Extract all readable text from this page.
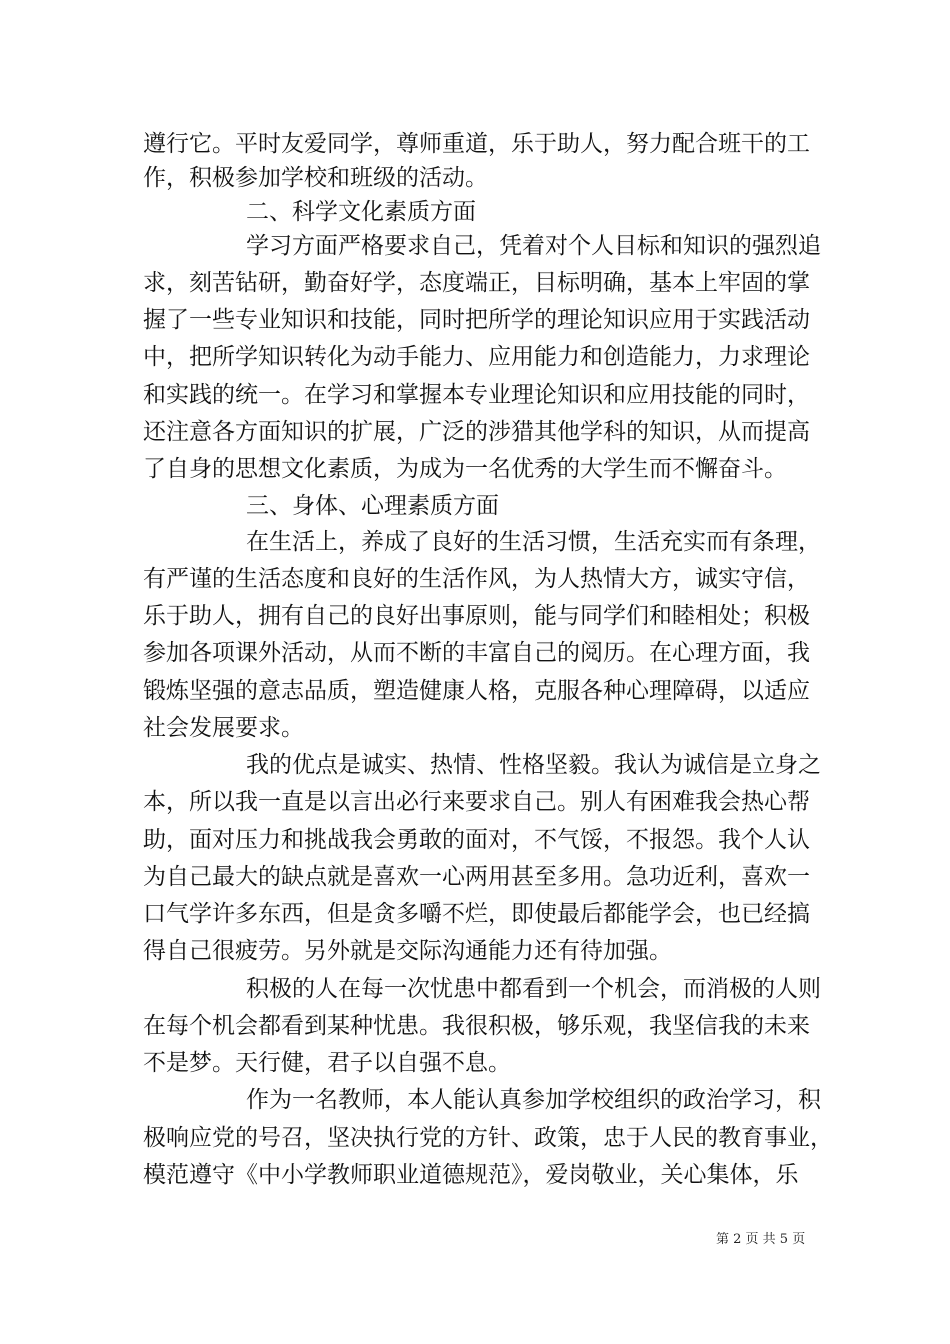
遵行它。平时友爱同学，尊师重道，乐于助人，努力配合班干的工
作，积极参加学校和班级的活动。
二、科学文化素质方面
学习方面严格要求自己，凭着对个人目标和知识的强烈追
求，刻苦钻研，勤奋好学，态度端正，目标明确，基本上牢固的掌
握了一些专业知识和技能，同时把所学的理论知识应用于实践活动
中，把所学知识转化为动手能力、应用能力和创造能力，力求理论
和实践的统一。在学习和掌握本专业理论知识和应用技能的同时，
还注意各方面知识的扩展，广泛的涉猎其他学科的知识，从而提高
了自身的思想文化素质，为成为一名优秀的大学生而不懈奋斗。
三、身体、心理素质方面
在生活上，养成了良好的生活习惯，生活充实而有条理，
有严谨的生活态度和良好的生活作风，为人热情大方，诚实守信，
乐于助人，拥有自己的良好出事原则，能与同学们和睦相处；积极
参加各项课外活动，从而不断的丰富自己的阅历。在心理方面，我
锻炼坚强的意志品质，塑造健康人格，克服各种心理障碍，以适应
社会发展要求。
我的优点是诚实、热情、性格坚毅。我认为诚信是立身之
本，所以我一直是以言出必行来要求自己。别人有困难我会热心帮
助，面对压力和挑战我会勇敢的面对，不气馁，不报怨。我个人认
为自己最大的缺点就是喜欢一心两用甚至多用。急功近利，喜欢一
口气学许多东西，但是贪多嚼不烂，即使最后都能学会，也已经搞
得自己很疲劳。另外就是交际沟通能力还有待加强。
积极的人在每一次忧患中都看到一个机会，而消极的人则
在每个机会都看到某种忧患。我很积极，够乐观，我坚信我的未来
不是梦。天行健，君子以自强不息。
作为一名教师，本人能认真参加学校组织的政治学习，积
极响应党的号召，坚决执行党的方针、政策，忠于人民的教育事业，
模范遵守《中小学教师职业道德规范》，爱岗敬业，关心集体，乐
第 2 页 共 5 页
